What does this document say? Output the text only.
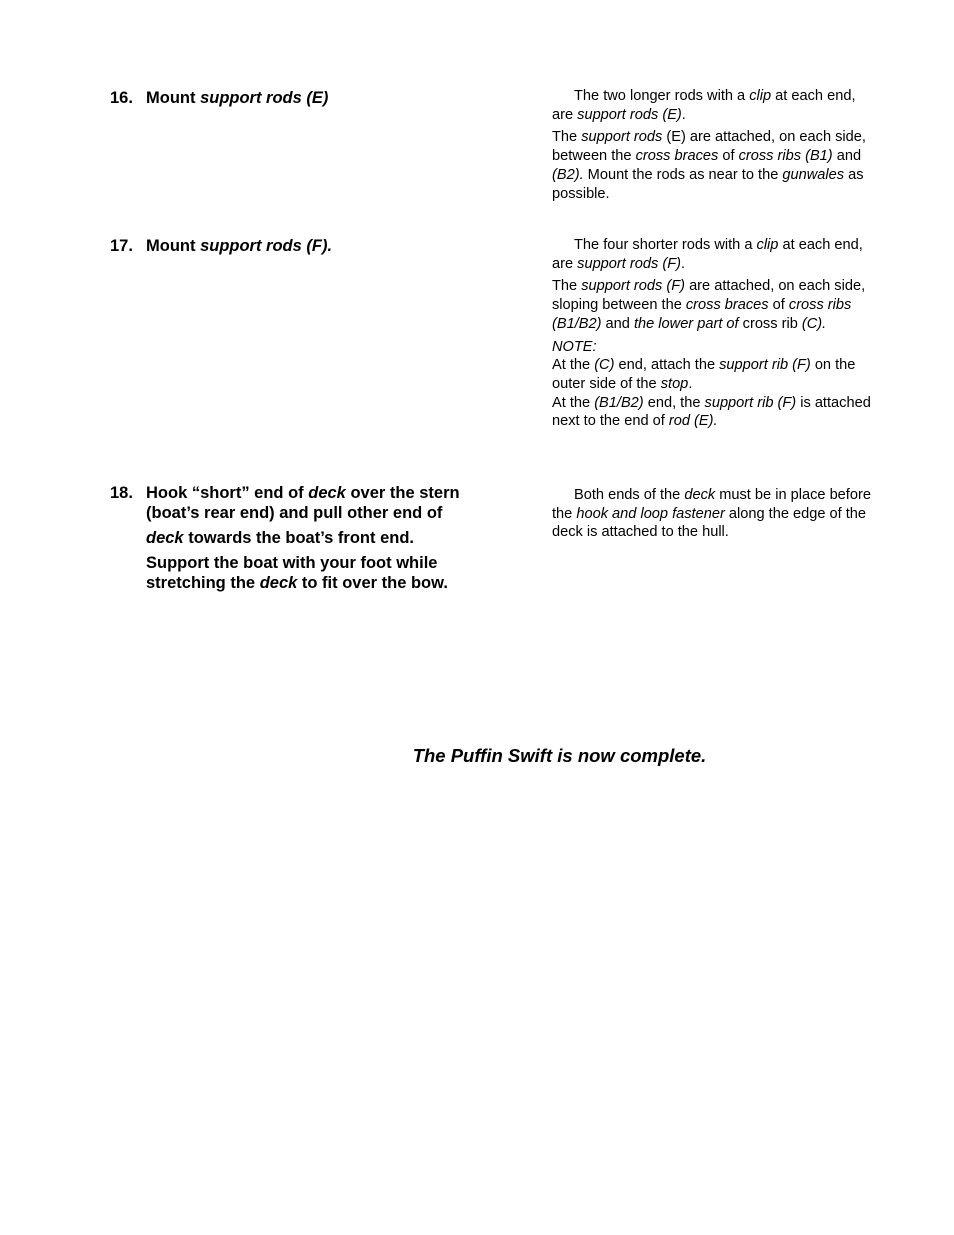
16. Mount support rods (E)	The two longer rods with a clip at each end, are support rods (E).

The support rods (E) are attached, on each side, between the cross braces of cross ribs (B1) and (B2). Mount the rods as near to the gunwales as possible.

17. Mount support rods (F).	The four shorter rods with a clip at each end, are support rods (F).

The support rods (F) are attached, on each side, sloping between the cross braces of cross ribs (B1/B2) and the lower part of cross rib (C).

NOTE:

At the (C) end, attach the support rib (F) on the outer side of the stop.

At the (B1/B2) end, the support rib (F) is attached next to the end of rod (E).

18. Hook “short” end of deck over the stern
(boat’s rear end) and pull other end of
deck towards the boat’s front end.
Support the boat with your foot while
stretching the deck to fit over the bow.

Both ends of the deck must be in place before the hook and loop fastener along the edge of the deck is attached to the hull.

The Puffin Swift is now complete.
